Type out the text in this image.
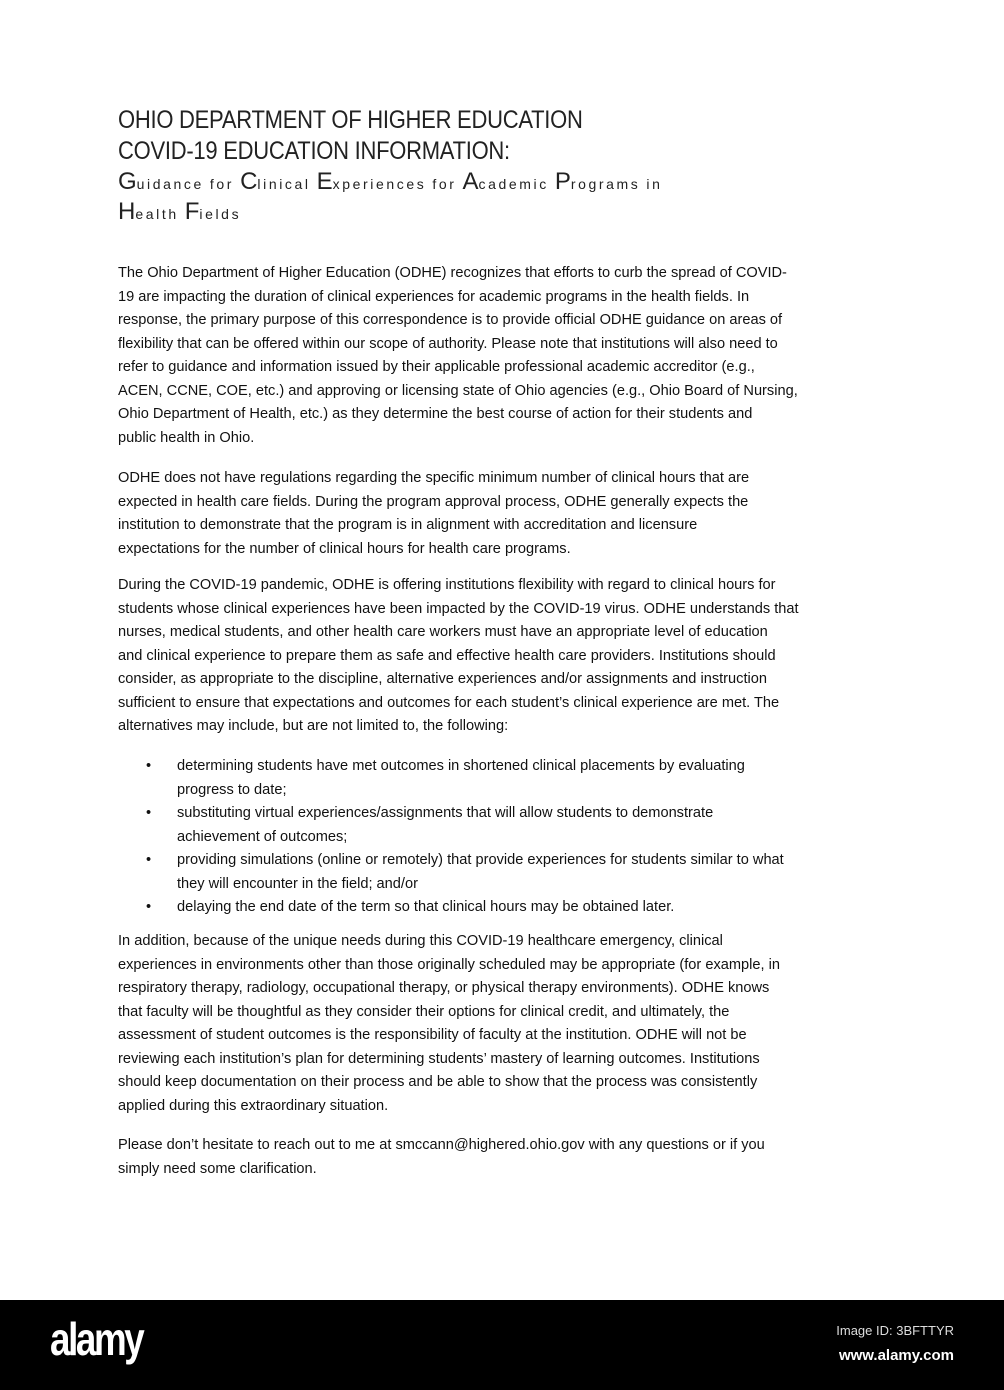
OHIO DEPARTMENT OF HIGHER EDUCATION
COVID-19 EDUCATION INFORMATION:
Guidance for Clinical Experiences for Academic Programs in
Health Fields
The Ohio Department of Higher Education (ODHE) recognizes that efforts to curb the spread of COVID-
19 are impacting the duration of clinical experiences for academic programs in the health fields. In
response, the primary purpose of this correspondence is to provide official ODHE guidance on areas of
flexibility that can be offered within our scope of authority. Please note that institutions will also need to
refer to guidance and information issued by their applicable professional academic accreditor (e.g.,
ACEN, CCNE, COE, etc.) and approving or licensing state of Ohio agencies (e.g., Ohio Board of Nursing,
Ohio Department of Health, etc.) as they determine the best course of action for their students and
public health in Ohio.
ODHE does not have regulations regarding the specific minimum number of clinical hours that are
expected in health care fields. During the program approval process, ODHE generally expects the
institution to demonstrate that the program is in alignment with accreditation and licensure
expectations for the number of clinical hours for health care programs.
During the COVID-19 pandemic, ODHE is offering institutions flexibility with regard to clinical hours for
students whose clinical experiences have been impacted by the COVID-19 virus. ODHE understands that
nurses, medical students, and other health care workers must have an appropriate level of education
and clinical experience to prepare them as safe and effective health care providers. Institutions should
consider, as appropriate to the discipline, alternative experiences and/or assignments and instruction
sufficient to ensure that expectations and outcomes for each student’s clinical experience are met. The
alternatives may include, but are not limited to, the following:
• determining students have met outcomes in shortened clinical placements by evaluating
progress to date;
• substituting virtual experiences/assignments that will allow students to demonstrate
achievement of outcomes;
• providing simulations (online or remotely) that provide experiences for students similar to what
they will encounter in the field; and/or
• delaying the end date of the term so that clinical hours may be obtained later.
In addition, because of the unique needs during this COVID-19 healthcare emergency, clinical
experiences in environments other than those originally scheduled may be appropriate (for example, in
respiratory therapy, radiology, occupational therapy, or physical therapy environments). ODHE knows
that faculty will be thoughtful as they consider their options for clinical credit, and ultimately, the
assessment of student outcomes is the responsibility of faculty at the institution. ODHE will not be
reviewing each institution’s plan for determining students’ mastery of learning outcomes. Institutions
should keep documentation on their process and be able to show that the process was consistently
applied during this extraordinary situation.
Please don’t hesitate to reach out to me at smccann@highered.ohio.gov with any questions or if you
simply need some clarification.
alamy	Image ID: 3BFTTYR
www.alamy.com
